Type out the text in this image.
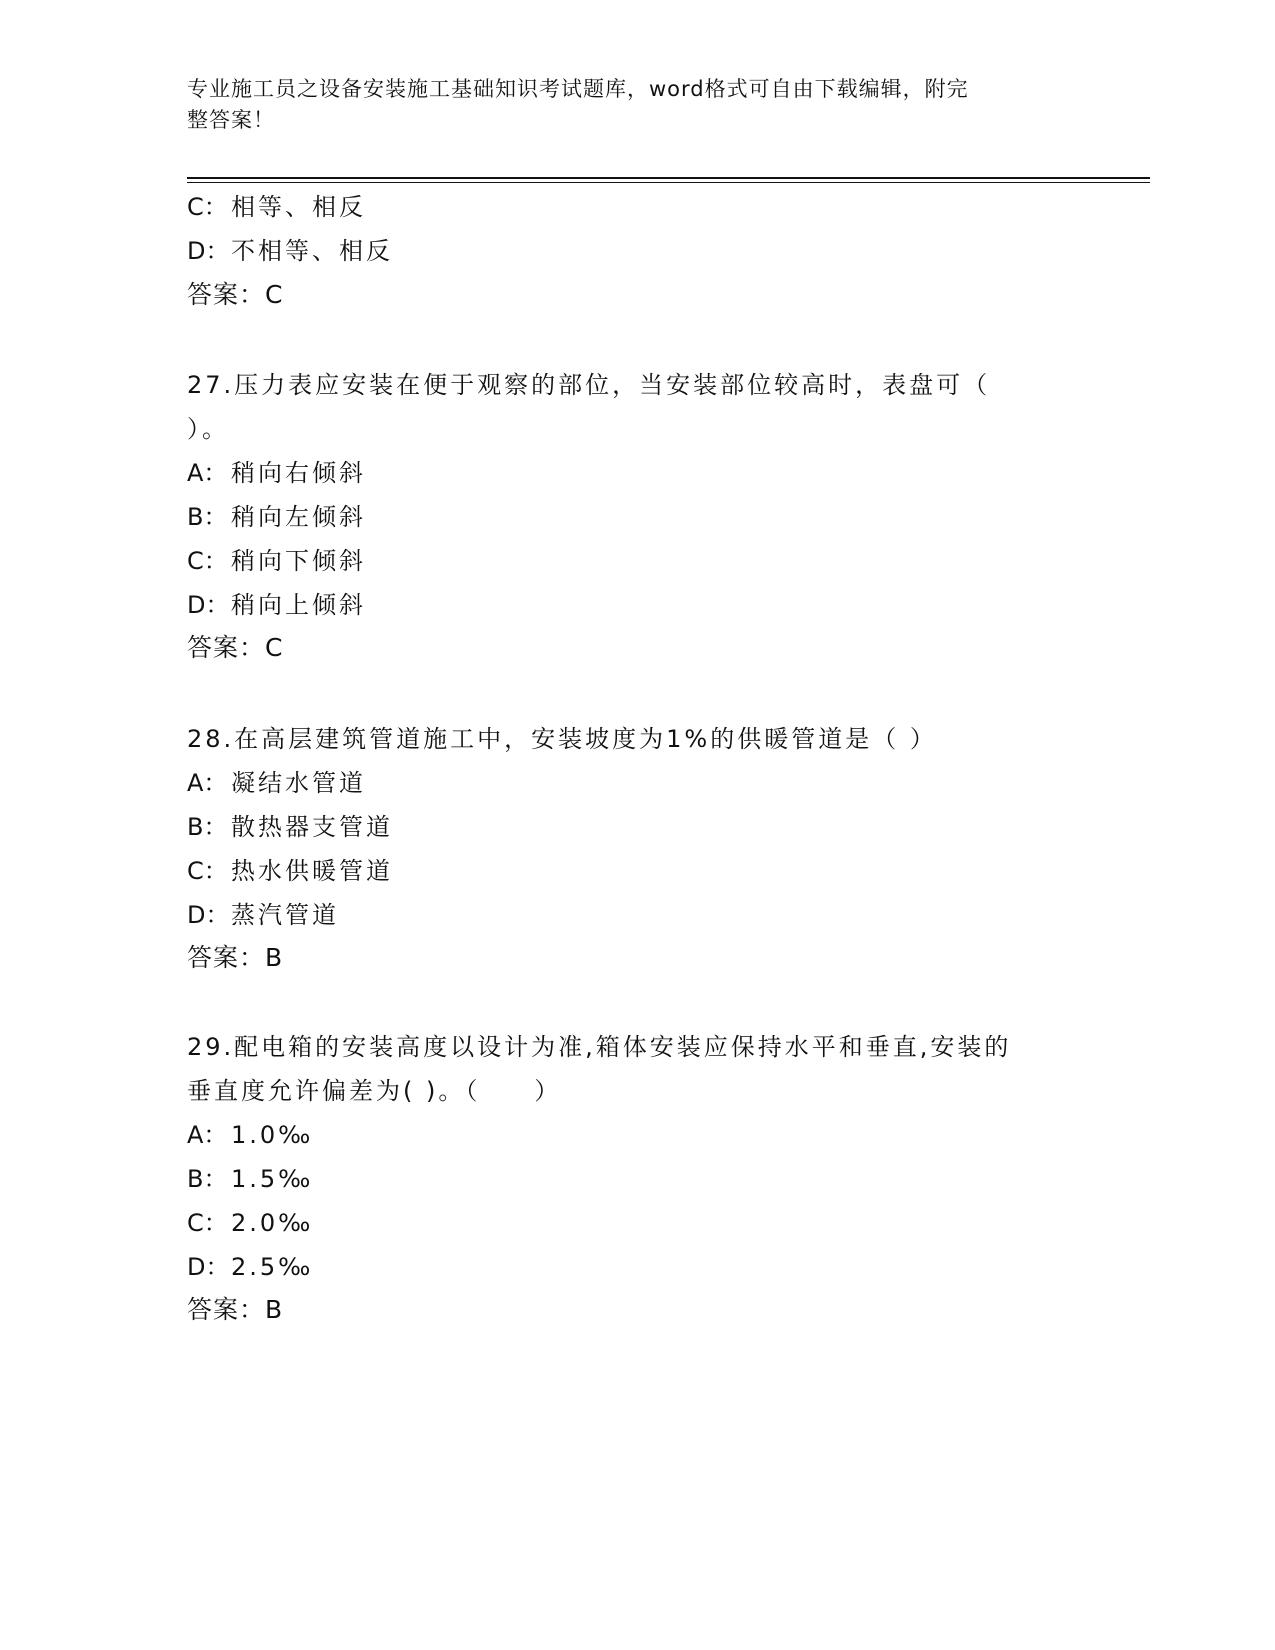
专业施工员之设备安装施工基础知识考试题库，word格式可自由下载编辑，附完
整答案！
C： 相等、相反
D：不相等、相反
答案：C
27.压力表应安装在便于观察的部位，当安装部位较高时，表盘可（
）。
A： 稍向右倾斜
B： 稍向左倾斜
C： 稍向下倾斜
D：稍向上倾斜
答案：C
28.在高层建筑管道施工中，安装坡度为1%的供暖管道是（ ）
A： 凝结水管道
B： 散热器支管道
C： 热水供暖管道
D：蒸汽管道
答案：B
29.配电箱的安装高度以设计为准,箱体安装应保持水平和垂直,安装的
垂直度允许偏差为( )。（　　）
A： 1.0‰
B： 1.5‰
C： 2.0‰
D：2.5‰
答案：B
